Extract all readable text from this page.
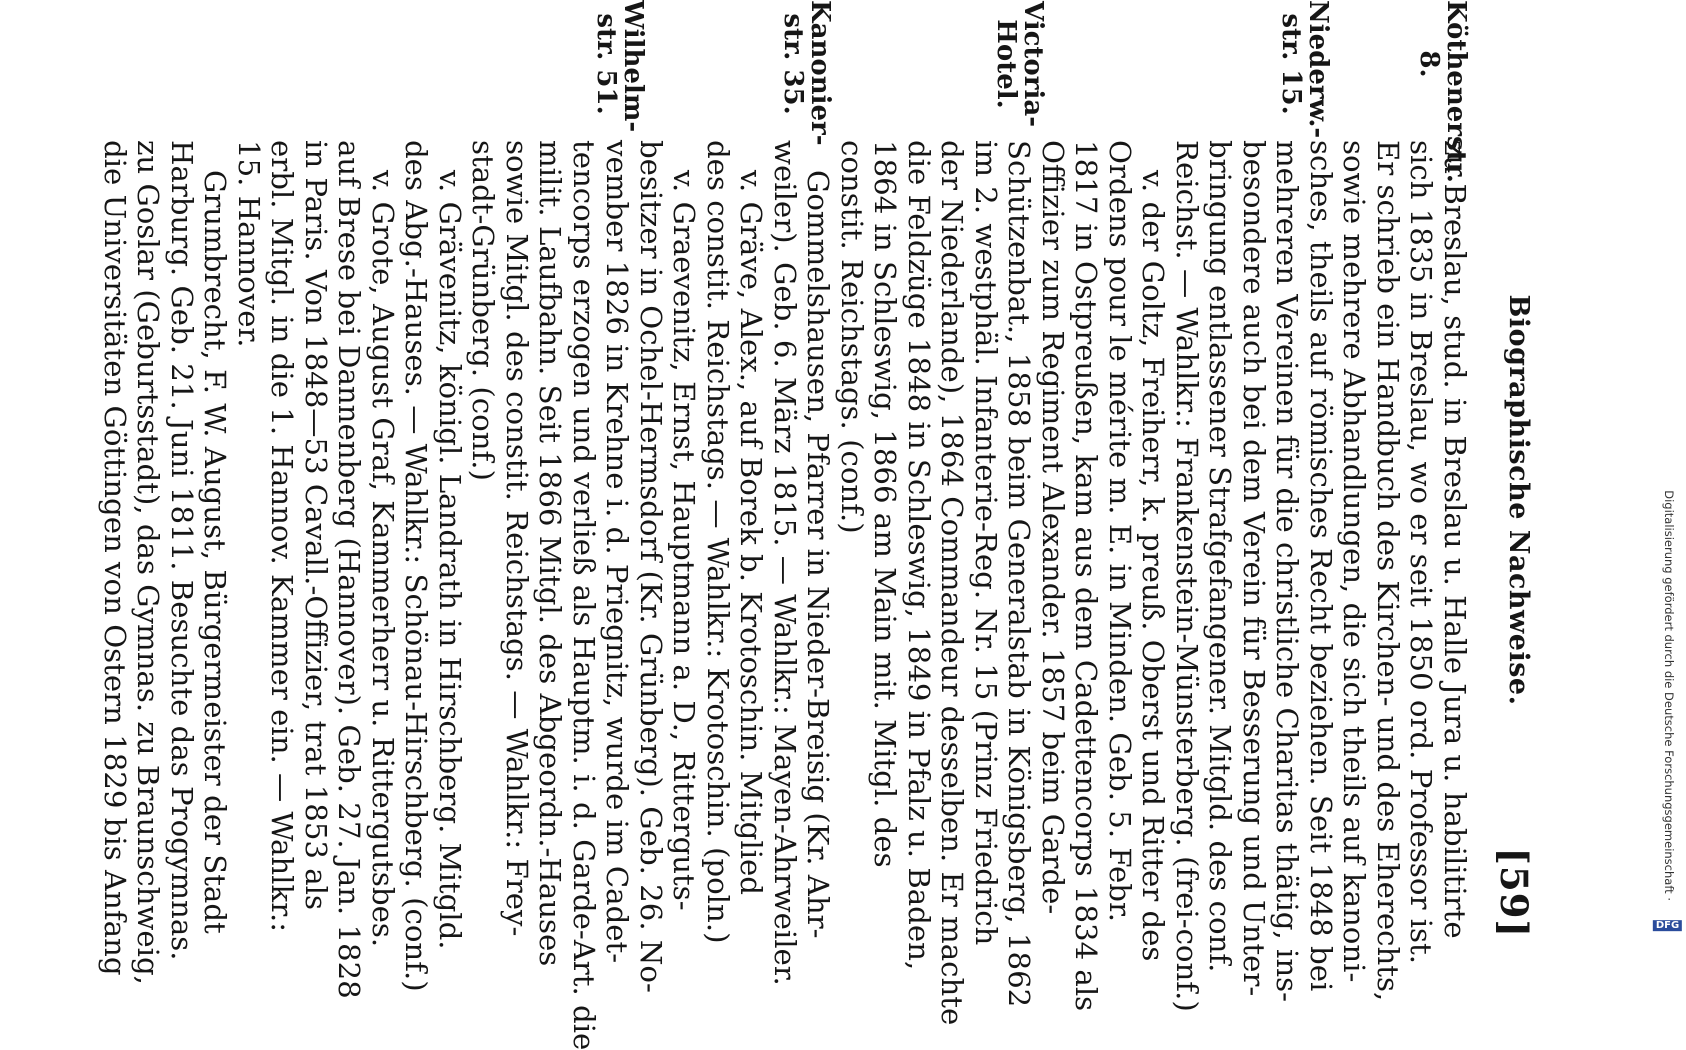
Digitalisierung gefördert durch die Deutsche Forschungsgemeinschaft · DFG
[59]
Biographische Nachweise.
Köthenerstr. 8.
Niederw.-str. 15.
Victoria-Hotel.
Kanonier-str. 35.
Wilhelm-str. 51.
zu Breslau, stud. in Breslau u. Halle Jura u. habilitirte
sich 1835 in Breslau, wo er seit 1850 ord. Professor ist.
Er schrieb ein Handbuch des Kirchen- und des Eherechts,
sowie mehrere Abhandlungen, die sich theils auf kanoni-
sches, theils auf römisches Recht beziehen. Seit 1848 bei
mehreren Vereinen für die christliche Charitas thätig, ins-
besondere auch bei dem Verein für Besserung und Unter-
bringung entlassener Strafgefangener. Mitgld. des conf.
Reichst. — Wahlkr.: Frankenstein-Münsterberg. (frei-conf.)
v. der Goltz, Freiherr, k. preuß. Oberst und Ritter des
Ordens pour le mérite m. E. in Minden. Geb. 5. Febr.
1817 in Ostpreußen, kam aus dem Cadettencorps 1834 als
Offizier zum Regiment Alexander. 1857 beim Garde-
Schützenbat., 1858 beim Generalstab in Königsberg, 1862
im 2. westphäl. Infanterie-Reg. Nr. 15 (Prinz Friedrich
der Niederlande), 1864 Commandeur desselben. Er machte
die Feldzüge 1848 in Schleswig, 1849 in Pfalz u. Baden,
1864 in Schleswig, 1866 am Main mit. Mitgl. des
constit. Reichstags. (conf.)
Gommelshausen, Pfarrer in Nieder-Breisig (Kr. Ahr-
weiler). Geb. 6. März 1815. — Wahlkr.: Mayen-Ahrweiler.
v. Gräve, Alex., auf Borek b. Krotoschin. Mitglied
des constit. Reichstags. — Wahlkr.: Krotoschin. (poln.)
v. Graevenitz, Ernst, Hauptmann a. D., Ritterguts-
besitzer in Ochel-Hermsdorf (Kr. Grünberg). Geb. 26. No-
vember 1826 in Krehne i. d. Priegnitz, wurde im Cadet-
tencorps erzogen und verließ als Hauptm. i. d. Garde-Art. die
milit. Laufbahn. Seit 1866 Mitgl. des Abgeordn.-Hauses
sowie Mitgl. des constit. Reichstags. — Wahlkr.: Frey-
stadt-Grünberg. (conf.)
v. Grävenitz, königl. Landrath in Hirschberg. Mitgld.
des Abg.-Hauses. — Wahlkr.: Schönau-Hirschberg. (conf.)
v. Grote, August Graf, Kammerherr u. Rittergutsbes.
auf Brese bei Dannenberg (Hannover). Geb. 27. Jan. 1828
in Paris. Von 1848—53 Cavall.-Offizier, trat 1853 als
erbl. Mitgl. in die 1. Hannov. Kammer ein. — Wahlkr.:
15. Hannover.
Grumbrecht, F. W. August, Bürgermeister der Stadt
Harburg. Geb. 21. Juni 1811. Besuchte das Progymnas.
zu Goslar (Geburtsstadt), das Gymnas. zu Braunschweig,
die Universitäten Göttingen von Ostern 1829 bis Anfang
